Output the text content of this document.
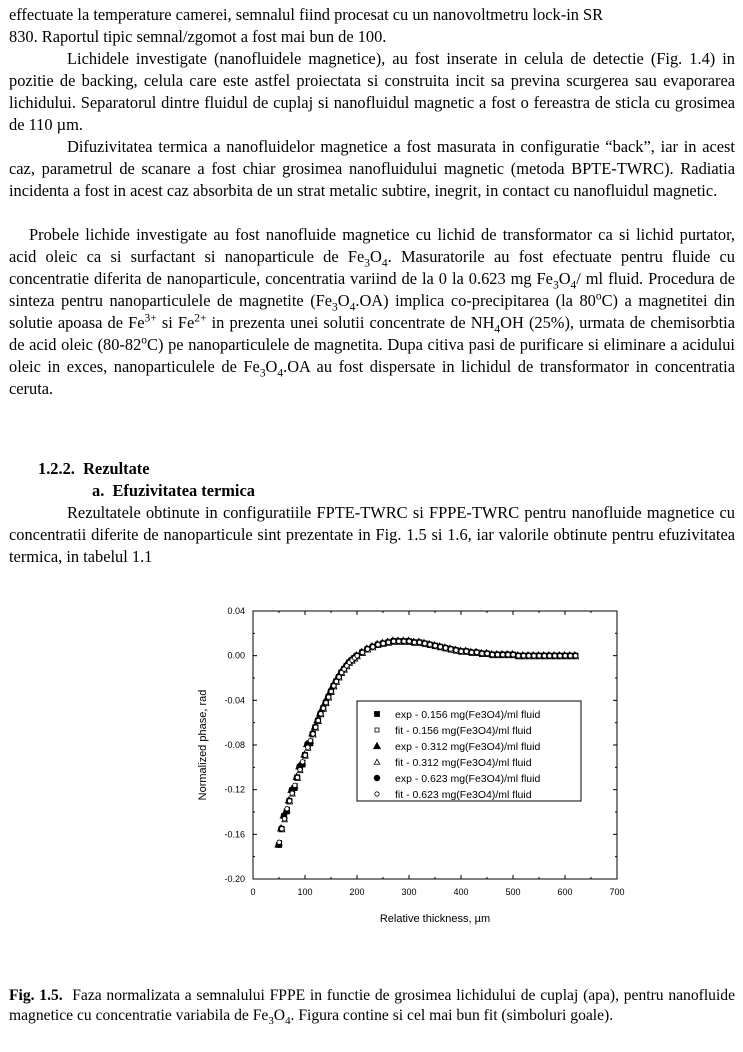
effectuate la temperature camerei, semnalul fiind procesat cu un nanovoltmetru lock-in SR

830. Raportul tipic semnal/zgomot a fost mai bun de 100.

Lichidele investigate (nanofluidele magnetice), au fost inserate in celula de detectie (Fig. 1.4) in pozitie de backing, celula care este astfel proiectata si construita incit sa previna scurgerea sau evaporarea lichidului. Separatorul dintre fluidul de cuplaj si nanofluidul magnetic a fost o fereastra de sticla cu grosimea de 110 µm.

Difuzivitatea termica a nanofluidelor magnetice a fost masurata in configuratie “back”, iar in acest caz, parametrul de scanare a fost chiar grosimea nanofluidului magnetic (metoda BPTE-TWRC). Radiatia incidenta a fost in acest caz absorbita de un strat metalic subtire, inegrit, in contact cu nanofluidul magnetic.

Probele lichide investigate au fost nanofluide magnetice cu lichid de transformator ca si lichid purtator, acid oleic ca si surfactant si nanoparticule de $Fe_3O_4$. Masuratorile au fost efectuate pentru fluide cu concentratie diferita de nanoparticule, concentratia variind de la 0 la 0.623 mg $Fe_3O_4/$ ml fluid. Procedura de sinteza pentru nanoparticulele de magnetite $(Fe_3O_4.OA)$ implica co-precipitarea (la 80$^o$C) a magnetitei din solutie apoasa de $Fe^{3+}$ si $Fe^{2+}$ in prezenta unei solutii concentrate de $NH_4OH$ (25%), urmata de chemisorbtia de acid oleic (80-82$^o$C) pe nanoparticulele de magnetita. Dupa citiva pasi de purificare si eliminare a acidului oleic in exces, nanoparticulele de $Fe_3O_4.OA$ au fost dispersate in lichidul de transformator in concentratia ceruta.

1.2.2. Rezultate
a. Efuzivitatea termica

Rezultatele obtinute in configuratiile FPTE-TWRC si FPPE-TWRC pentru nanofluide magnetice cu concentratii diferite de nanoparticule sint prezentate in Fig. 1.5 si 1.6, iar valorile obtinute pentru efuzivitatea termica, in tabelul 1.1

0	100	200	300	400	500	600	700
0.04
0.00
-0.04
-0.08
-0.12
-0.16
-0.20
Relative thickness, µm
Normalized phase, rad	exp - 0.156 mg(Fe3O4)/ml fluid
fit - 0.156 mg(Fe3O4)/ml fluid
exp - 0.312 mg(Fe3O4)/ml fluid
fit - 0.312 mg(Fe3O4)/ml fluid
exp - 0.623 mg(Fe3O4)/ml fluid
fit - 0.623 mg(Fe3O4)/ml fluid
Fig. 1.5. Faza normalizata a semnalului FPPE in functie de grosimea lichidului de cuplaj (apa), pentru nanofluide magnetice cu concentratie variabila de $Fe_3O_4$. Figura contine si cel mai bun fit (simboluri goale).
